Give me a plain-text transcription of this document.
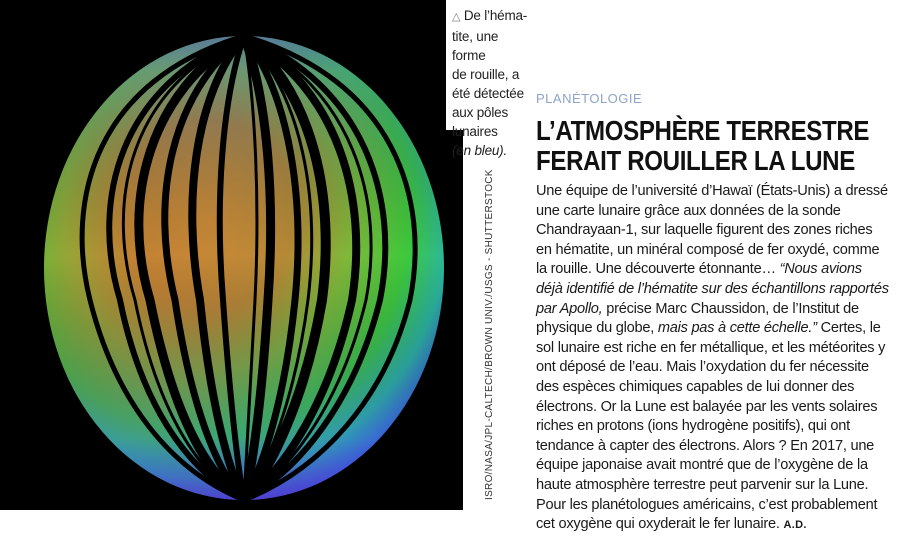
△ De l’héma-
tite, une forme
de rouille, a
été détectée
aux pôles
lunaires
(en bleu).
ISRO/NASA/JPL-CALTECH/BROWN UNIV./USGS - SHUTTERSTOCK
PLANÉTOLOGIE
L’ATMOSPHÈRE TERRESTRE
FERAIT ROUILLER LA LUNE

Une équipe de l’université d’Hawaï (États-Unis) a dressé une carte lunaire grâce aux données de la sonde Chandrayaan-1, sur laquelle figurent des zones riches en hématite, un minéral composé de fer oxydé, comme la rouille. Une découverte étonnante… “Nous avions déjà identifié de l’hématite sur des échantillons rapportés par Apollo, précise Marc Chaussidon, de l’Institut de physique du globe, mais pas à cette échelle.” Certes, le sol lunaire est riche en fer métallique, et les météorites y ont déposé de l’eau. Mais l’oxydation du fer nécessite des espèces chimiques capables de lui donner des électrons. Or la Lune est balayée par les vents solaires riches en protons (ions hydrogène positifs), qui ont tendance à capter des électrons. Alors ? En 2017, une équipe japonaise avait montré que de l’oxygène de la haute atmosphère terrestre peut parvenir sur la Lune. Pour les planétologues américains, c’est probablement cet oxygène qui oxyderait le fer lunaire. A.D.
